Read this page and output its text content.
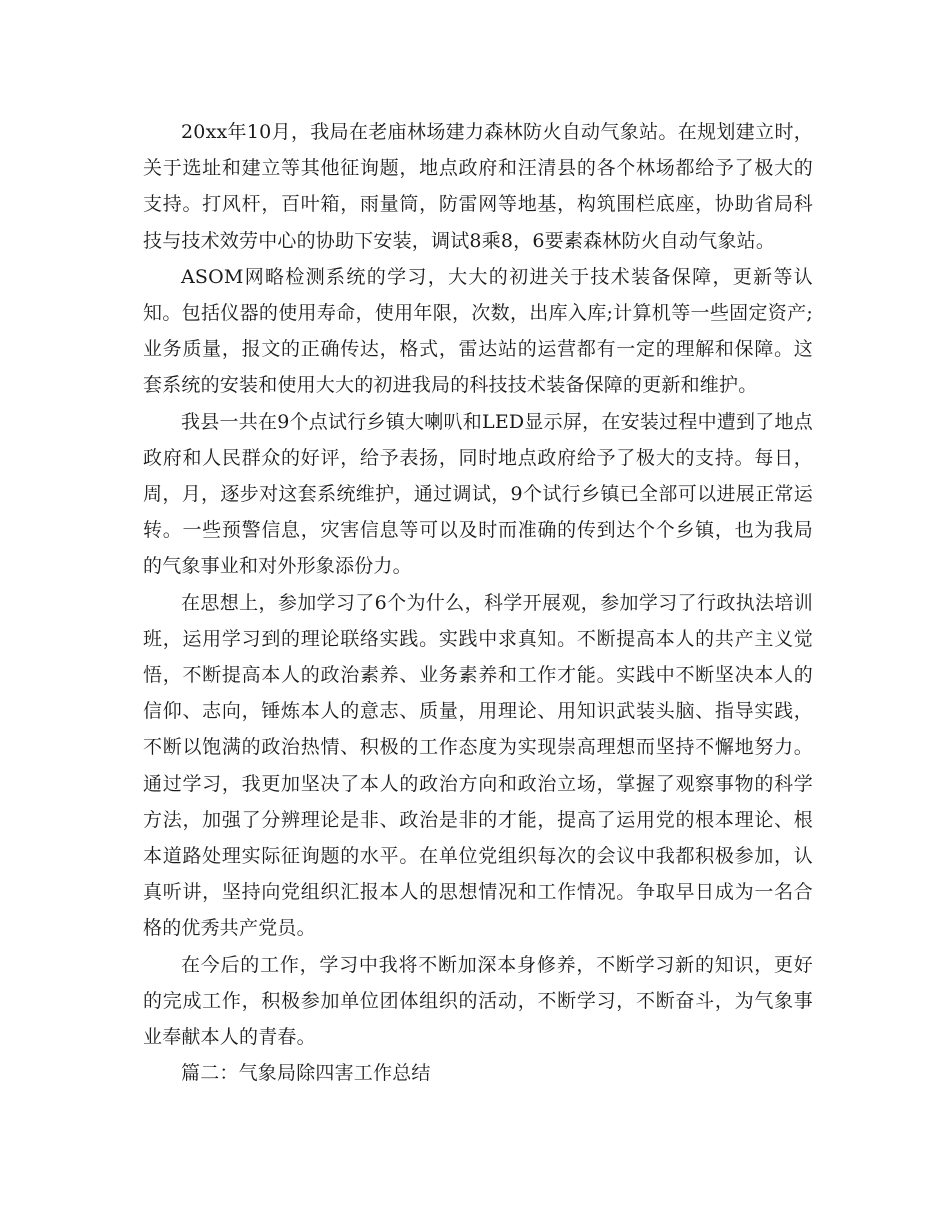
20xx年10月，我局在老庙林场建力森林防火自动气象站。在规划建立时，关于选址和建立等其他征询题，地点政府和汪清县的各个林场都给予了极大的支持。打风杆，百叶箱，雨量筒，防雷网等地基，构筑围栏底座，协助省局科技与技术效劳中心的协助下安装，调试8乘8，6要素森林防火自动气象站。

ASOM网略检测系统的学习，大大的初进关于技术装备保障，更新等认知。包括仪器的使用寿命，使用年限，次数，出库入库;计算机等一些固定资产;业务质量，报文的正确传达，格式，雷达站的运营都有一定的理解和保障。这套系统的安装和使用大大的初进我局的科技技术装备保障的更新和维护。

我县一共在9个点试行乡镇大喇叭和LED显示屏，在安装过程中遭到了地点政府和人民群众的好评，给予表扬，同时地点政府给予了极大的支持。每日，周，月，逐步对这套系统维护，通过调试，9个试行乡镇已全部可以进展正常运转。一些预警信息，灾害信息等可以及时而准确的传到达个个乡镇，也为我局的气象事业和对外形象添份力。

在思想上，参加学习了6个为什么，科学开展观，参加学习了行政执法培训班，运用学习到的理论联络实践。实践中求真知。不断提高本人的共产主义觉悟，不断提高本人的政治素养、业务素养和工作才能。实践中不断坚决本人的信仰、志向，锤炼本人的意志、质量，用理论、用知识武装头脑、指导实践，不断以饱满的政治热情、积极的工作态度为实现崇高理想而坚持不懈地努力。通过学习，我更加坚决了本人的政治方向和政治立场，掌握了观察事物的科学方法，加强了分辨理论是非、政治是非的才能，提高了运用党的根本理论、根本道路处理实际征询题的水平。在单位党组织每次的会议中我都积极参加，认真听讲，坚持向党组织汇报本人的思想情况和工作情况。争取早日成为一名合格的优秀共产党员。

在今后的工作，学习中我将不断加深本身修养，不断学习新的知识，更好的完成工作，积极参加单位团体组织的活动，不断学习，不断奋斗，为气象事业奉献本人的青春。

篇二：气象局除四害工作总结
